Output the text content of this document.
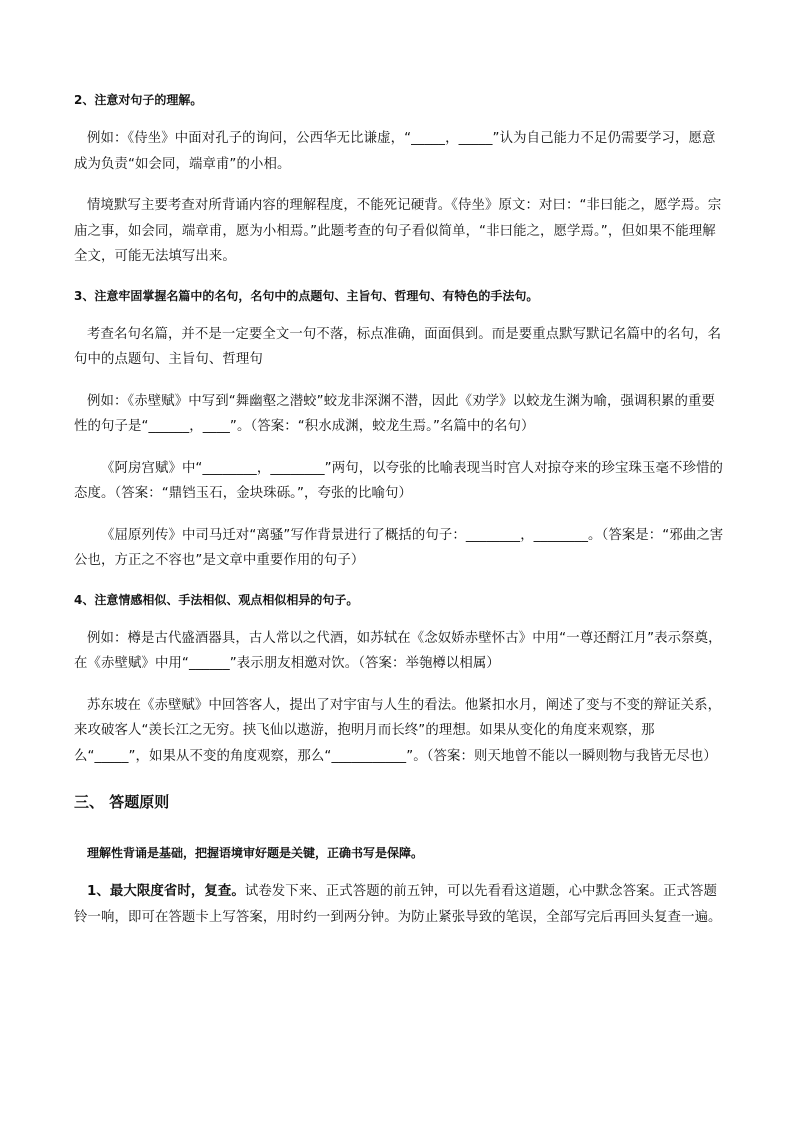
2、注意对句子的理解。

例如：《侍坐》中面对孔子的询问，公西华无比谦虚，“_____，_____”认为自己能力不足仍需要学习，愿意成为负责“如会同，端章甫”的小相。

情境默写主要考查对所背诵内容的理解程度，不能死记硬背。《侍坐》原文：对曰：“非曰能之，愿学焉。宗庙之事，如会同，端章甫，愿为小相焉。”此题考查的句子看似简单，“非曰能之，愿学焉。”，但如果不能理解全文，可能无法填写出来。

3、注意牢固掌握名篇中的名句，名句中的点题句、主旨句、哲理句、有特色的手法句。

考查名句名篇，并不是一定要全文一句不落，标点准确，面面俱到。而是要重点默写默记名篇中的名句，名句中的点题句、主旨句、哲理句

例如：《赤壁赋》中写到“舞幽壑之潜蛟”蛟龙非深渊不潜，因此《劝学》以蛟龙生渊为喻，强调积累的重要性的句子是“______，____”。（答案：“积水成渊，蛟龙生焉。”名篇中的名句）

《阿房宫赋》中“________，________”两句，以夸张的比喻表现当时宫人对掠夺来的珍宝珠玉毫不珍惜的态度。（答案：“鼎铛玉石，金块珠砾。”，夸张的比喻句）

《屈原列传》中司马迁对“离骚”写作背景进行了概括的句子：________，________。（答案是：“邪曲之害公也，方正之不容也”是文章中重要作用的句子）

4、注意情感相似、手法相似、观点相似相异的句子。

例如：樽是古代盛酒器具，古人常以之代酒，如苏轼在《念奴娇赤壁怀古》中用“一尊还酹江月”表示祭奠，在《赤壁赋》中用“______”表示朋友相邀对饮。（答案：举匏樽以相属）

苏东坡在《赤壁赋》中回答客人，提出了对宇宙与人生的看法。他紧扣水月，阐述了变与不变的辩证关系，来攻破客人“羡长江之无穷。挟飞仙以遨游，抱明月而长终”的理想。如果从变化的角度来观察，那么“_____”，如果从不变的角度观察，那么“___________”。（答案：则天地曾不能以一瞬则物与我皆无尽也）

三、 答题原则

理解性背诵是基础，把握语境审好题是关键，正确书写是保障。

1、最大限度省时，复查。试卷发下来、正式答题的前五钟，可以先看看这道题，心中默念答案。正式答题铃一响，即可在答题卡上写答案，用时约一到两分钟。为防止紧张导致的笔误，全部写完后再回头复查一遍。
